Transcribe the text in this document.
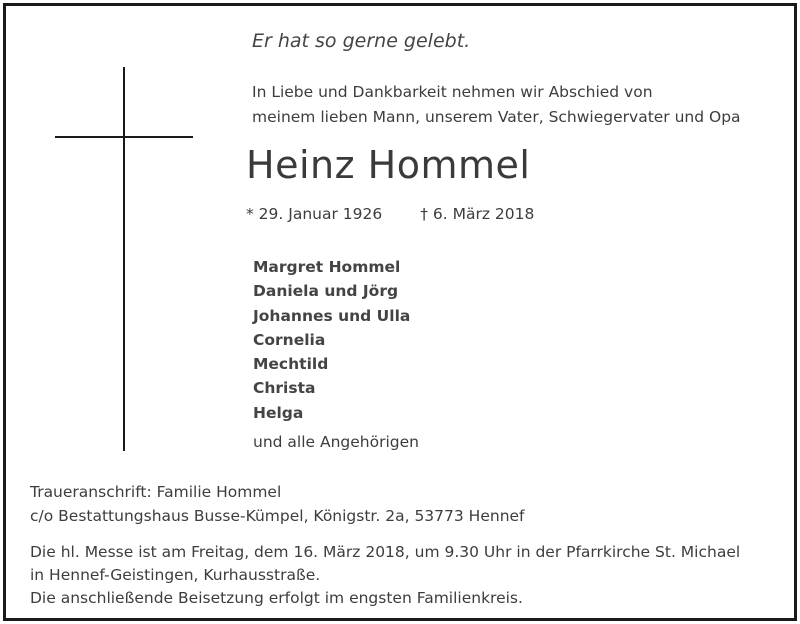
Er hat so gerne gelebt.
In Liebe und Dankbarkeit nehmen wir Abschied von
meinem lieben Mann, unserem Vater, Schwiegervater und Opa
Heinz Hommel
* 29. Januar 1926 † 6. März 2018
Margret Hommel
Daniela und Jörg
Johannes und Ulla
Cornelia
Mechtild
Christa
Helga
und alle Angehörigen
Traueranschrift: Familie Hommel
c/o Bestattungshaus Busse-Kümpel, Königstr. 2a, 53773 Hennef
Die hl. Messe ist am Freitag, dem 16. März 2018, um 9.30 Uhr in der Pfarrkirche St. Michael
in Hennef-Geistingen, Kurhausstraße.
Die anschließende Beisetzung erfolgt im engsten Familienkreis.
